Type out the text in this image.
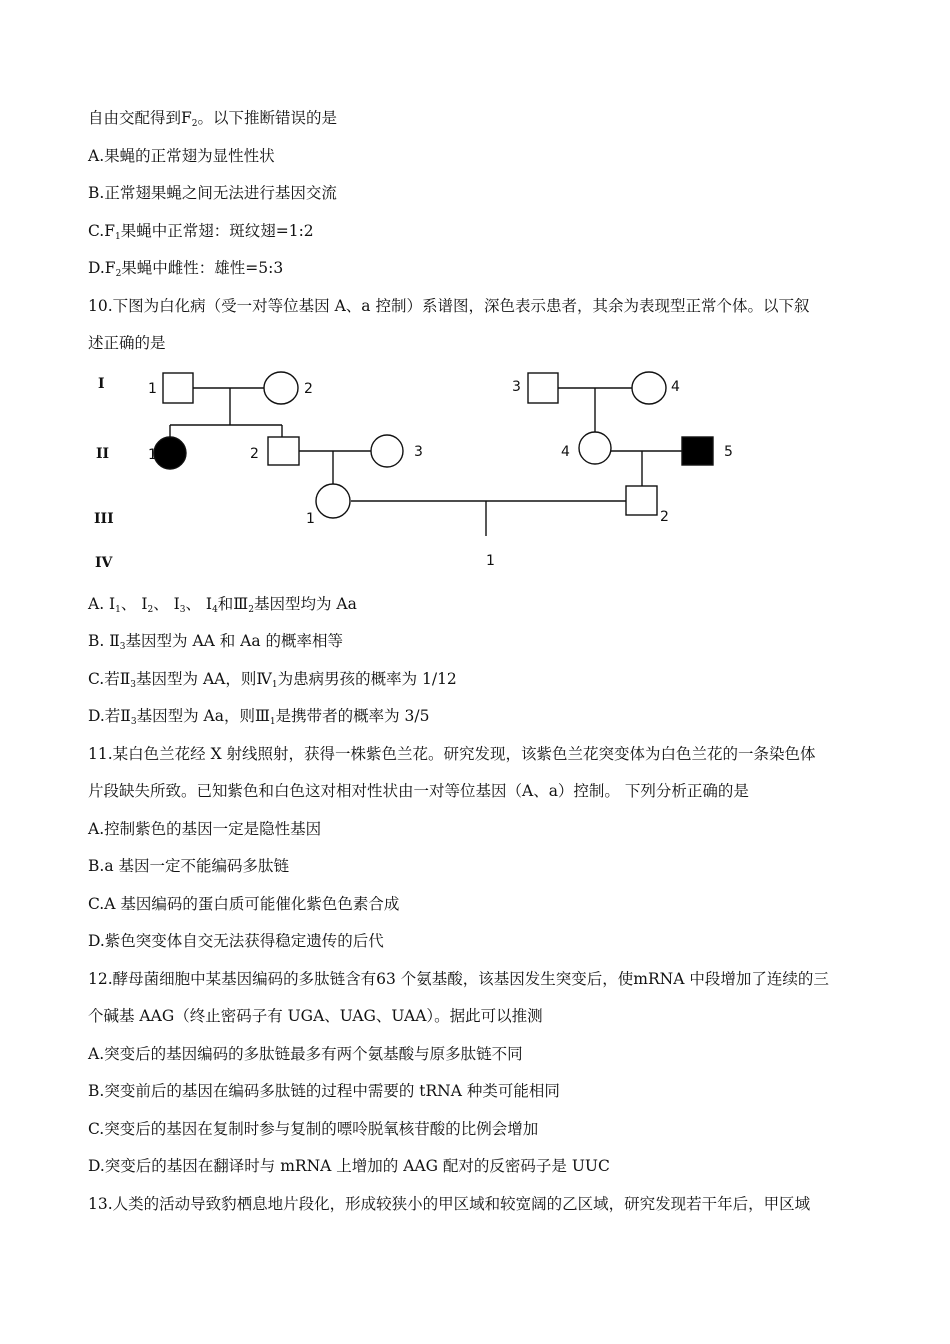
自由交配得到$F_2$。以下推断错误的是
A.果蝇的正常翅为显性性状
B.正常翅果蝇之间无法进行基因交流
$C.F_1$果蝇中正常翅：斑纹翅=1:2
$D.F_2$果蝇中雌性：雄性=5:3
10.下图为白化病（受一对等位基因 A、a 控制）系谱图，深色表示患者，其余为表现型正常个体。以下叙
述正确的是
I
II
III
IV
1	2	3	4
1	2	3	4	5
1	2
1
A. $Ⅰ_1$、 $Ⅰ_2$、 $Ⅰ_3$、 $Ⅰ_4$和$Ⅲ_2$基因型均为 Aa
B. $Ⅱ_3$基因型为 AA 和 Aa 的概率相等
C.若$Ⅱ_3$基因型为 AA，则$Ⅳ_1$为患病男孩的概率为 1/12
D.若$Ⅱ_3$基因型为 Aa，则$Ⅲ_1$是携带者的概率为 3/5
11.某白色兰花经 X 射线照射，获得一株紫色兰花。研究发现，该紫色兰花突变体为白色兰花的一条染色体
片段缺失所致。已知紫色和白色这对相对性状由一对等位基因（A、a）控制。 下列分析正确的是
A.控制紫色的基因一定是隐性基因
B.a 基因一定不能编码多肽链
C.A 基因编码的蛋白质可能催化紫色色素合成
D.紫色突变体自交无法获得稳定遗传的后代
12.酵母菌细胞中某基因编码的多肽链含有63 个氨基酸，该基因发生突变后，使mRNA 中段增加了连续的三
个碱基 AAG（终止密码子有 UGA、UAG、UAA）。据此可以推测
A.突变后的基因编码的多肽链最多有两个氨基酸与原多肽链不同
B.突变前后的基因在编码多肽链的过程中需要的 tRNA 种类可能相同
C.突变后的基因在复制时参与复制的嘌呤脱氧核苷酸的比例会增加
D.突变后的基因在翻译时与 mRNA 上增加的 AAG 配对的反密码子是 UUC
13.人类的活动导致豹栖息地片段化，形成较狭小的甲区域和较宽阔的乙区域，研究发现若干年后，甲区域
